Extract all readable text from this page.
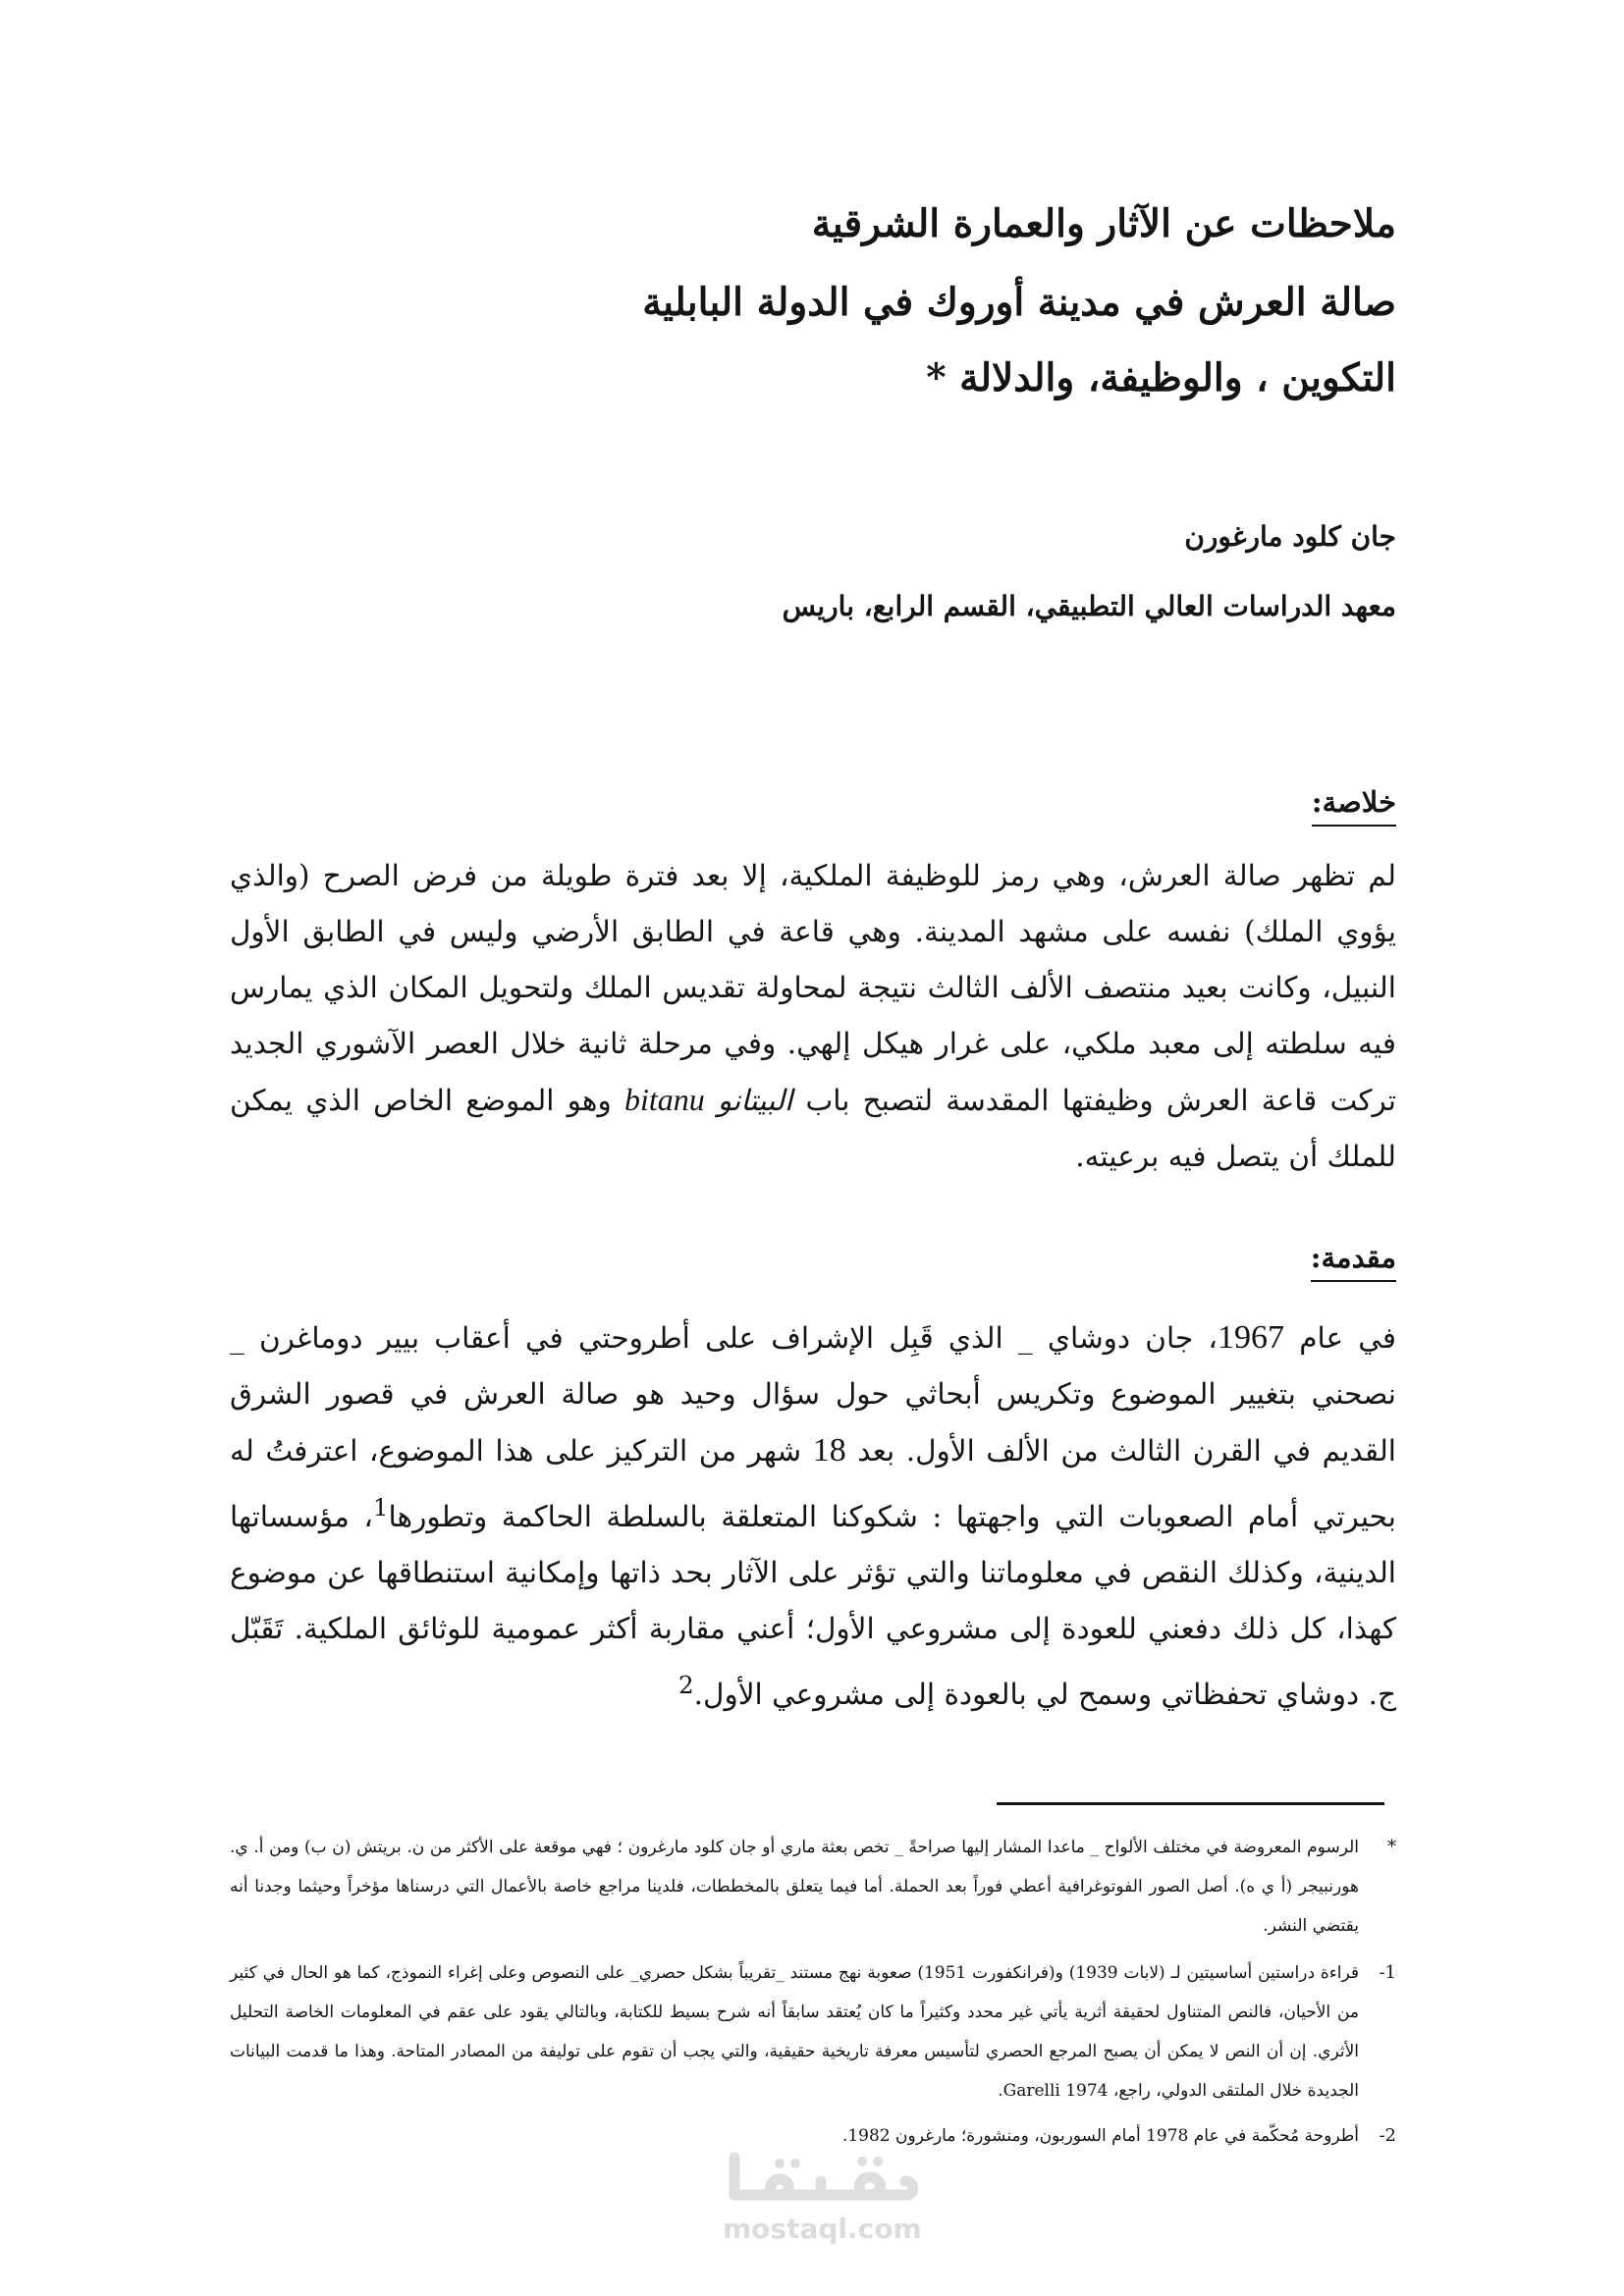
ملاحظات عن الآثار والعمارة الشرقية
صالة العرش في مدينة أوروك في الدولة البابلية
التكوين ، والوظيفة، والدلالة *
جان كلود مارغورن
معهد الدراسات العالي التطبيقي، القسم الرابع، باريس
خلاصة:
لم تظهر صالة العرش، وهي رمز للوظيفة الملكية، إلا بعد فترة طويلة من فرض الصرح (والذي يؤوي الملك) نفسه على مشهد المدينة. وهي قاعة في الطابق الأرضي وليس في الطابق الأول النبيل، وكانت بعيد منتصف الألف الثالث نتيجة لمحاولة تقديس الملك ولتحويل المكان الذي يمارس فيه سلطته إلى معبد ملكي، على غرار هيكل إلهي. وفي مرحلة ثانية خلال العصر الآشوري الجديد تركت قاعة العرش وظيفتها المقدسة لتصبح باب البيتانو bitanu وهو الموضع الخاص الذي يمكن للملك أن يتصل فيه برعيته.
مقدمة:
في عام 1967، جان دوشاي _ الذي قَبِل الإشراف على أطروحتي في أعقاب بيير دوماغرن _ نصحني بتغيير الموضوع وتكريس أبحاثي حول سؤال وحيد هو صالة العرش في قصور الشرق القديم في القرن الثالث من الألف الأول. بعد 18 شهر من التركيز على هذا الموضوع، اعترفتُ له بحيرتي أمام الصعوبات التي واجهتها : شكوكنا المتعلقة بالسلطة الحاكمة وتطورها$^1$، مؤسساتها الدينية، وكذلك النقص في معلوماتنا والتي تؤثر على الآثار بحد ذاتها وإمكانية استنطاقها عن موضوع كهذا، كل ذلك دفعني للعودة إلى مشروعي الأول؛ أعني مقاربة أكثر عمومية للوثائق الملكية. تَقَبّل ج. دوشاي تحفظاتي وسمح لي بالعودة إلى مشروعي الأول.$^2$
*
الرسوم المعروضة في مختلف الألواح _ ماعدا المشار إليها صراحةً _ تخص بعثة ماري أو جان كلود مارغرون ؛ فهي موقعة على الأكثر من ن. بريتش (ن ب) ومن أ. ي. هورنبيجر (أ ي ه). أصل الصور الفوتوغرافية أعطي فوراً بعد الحملة. أما فيما يتعلق بالمخططات، فلدينا مراجع خاصة بالأعمال التي درسناها مؤخراً وحيثما وجدنا أنه يقتضي النشر.
1-
قراءة دراستين أساسيتين لـ (لابات 1939) و(فرانكفورت 1951) صعوبة نهج مستند _تقريباً بشكل حصري_ على النصوص وعلى إغراء النموذج، كما هو الحال في كثير من الأحيان، فالنص المتناول لحقيقة أثرية يأتي غير محدد وكثيراً ما كان يُعتقد سابقاً أنه شرح بسيط للكتابة، وبالتالي يقود على عقم في المعلومات الخاصة التحليل الأثري. إن أن النص لا يمكن أن يصبح المرجع الحصري لتأسيس معرفة تاريخية حقيقية، والتي يجب أن تقوم على توليفة من المصادر المتاحة. وهذا ما قدمت البيانات الجديدة خلال الملتقى الدولي، راجع، Garelli 1974.
2-
أطروحة مُحكّمة في عام 1978 أمام السوربون، ومنشورة؛ مارغرون 1982.
mostaql.com
